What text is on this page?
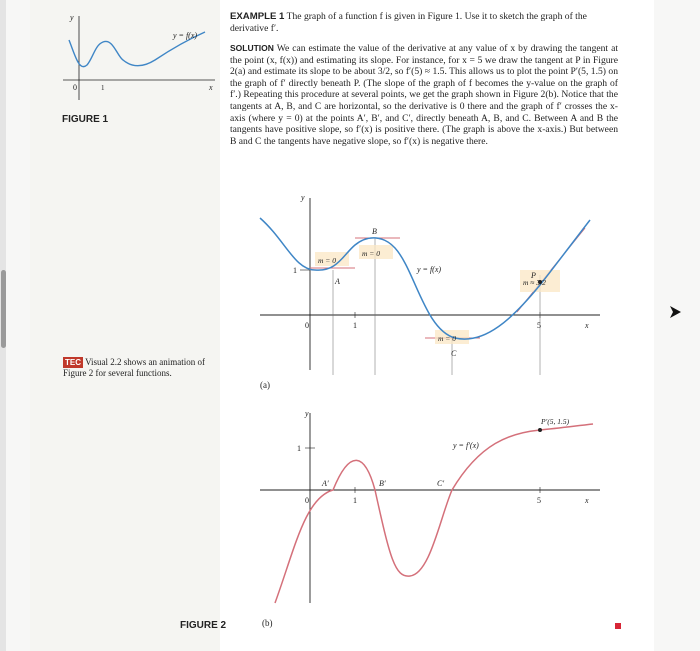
y
x
0	1
y = f(x)
FIGURE 1
EXAMPLE 1 The graph of a function f is given in Figure 1. Use it to sketch the graph of the derivative f′.
SOLUTION We can estimate the value of the derivative at any value of x by drawing the tangent at the point (x, f(x)) and estimating its slope. For instance, for x = 5 we draw the tangent at P in Figure 2(a) and estimate its slope to be about 3/2, so f′(5) ≈ 1.5. This allows us to plot the point P′(5, 1.5) on the graph of f′ directly beneath P. (The slope of the graph of f becomes the y-value on the graph of f′.) Repeating this procedure at several points, we get the graph shown in Figure 2(b). Notice that the tangents at A, B, and C are horizontal, so the derivative is 0 there and the graph of f′ crosses the x-axis (where y = 0) at the points A′, B′, and C′, directly beneath A, B, and C. Between A and B the tangents have positive slope, so f′(x) is positive there. (The graph is above the x-axis.) But between B and C the tangents have negative slope, so f′(x) is negative there.
TEC Visual 2.2 shows an animation of Figure 2 for several functions.
y
x
0
1
1	5
A
B
C
P
m = 0
m = 0
m = 0
m ≈ 3/2
y = f(x)
(a)
y
x
0
1
1	5
A′	B′	C′
P′(5, 1.5)
y = f′(x)
(b)
FIGURE 2
